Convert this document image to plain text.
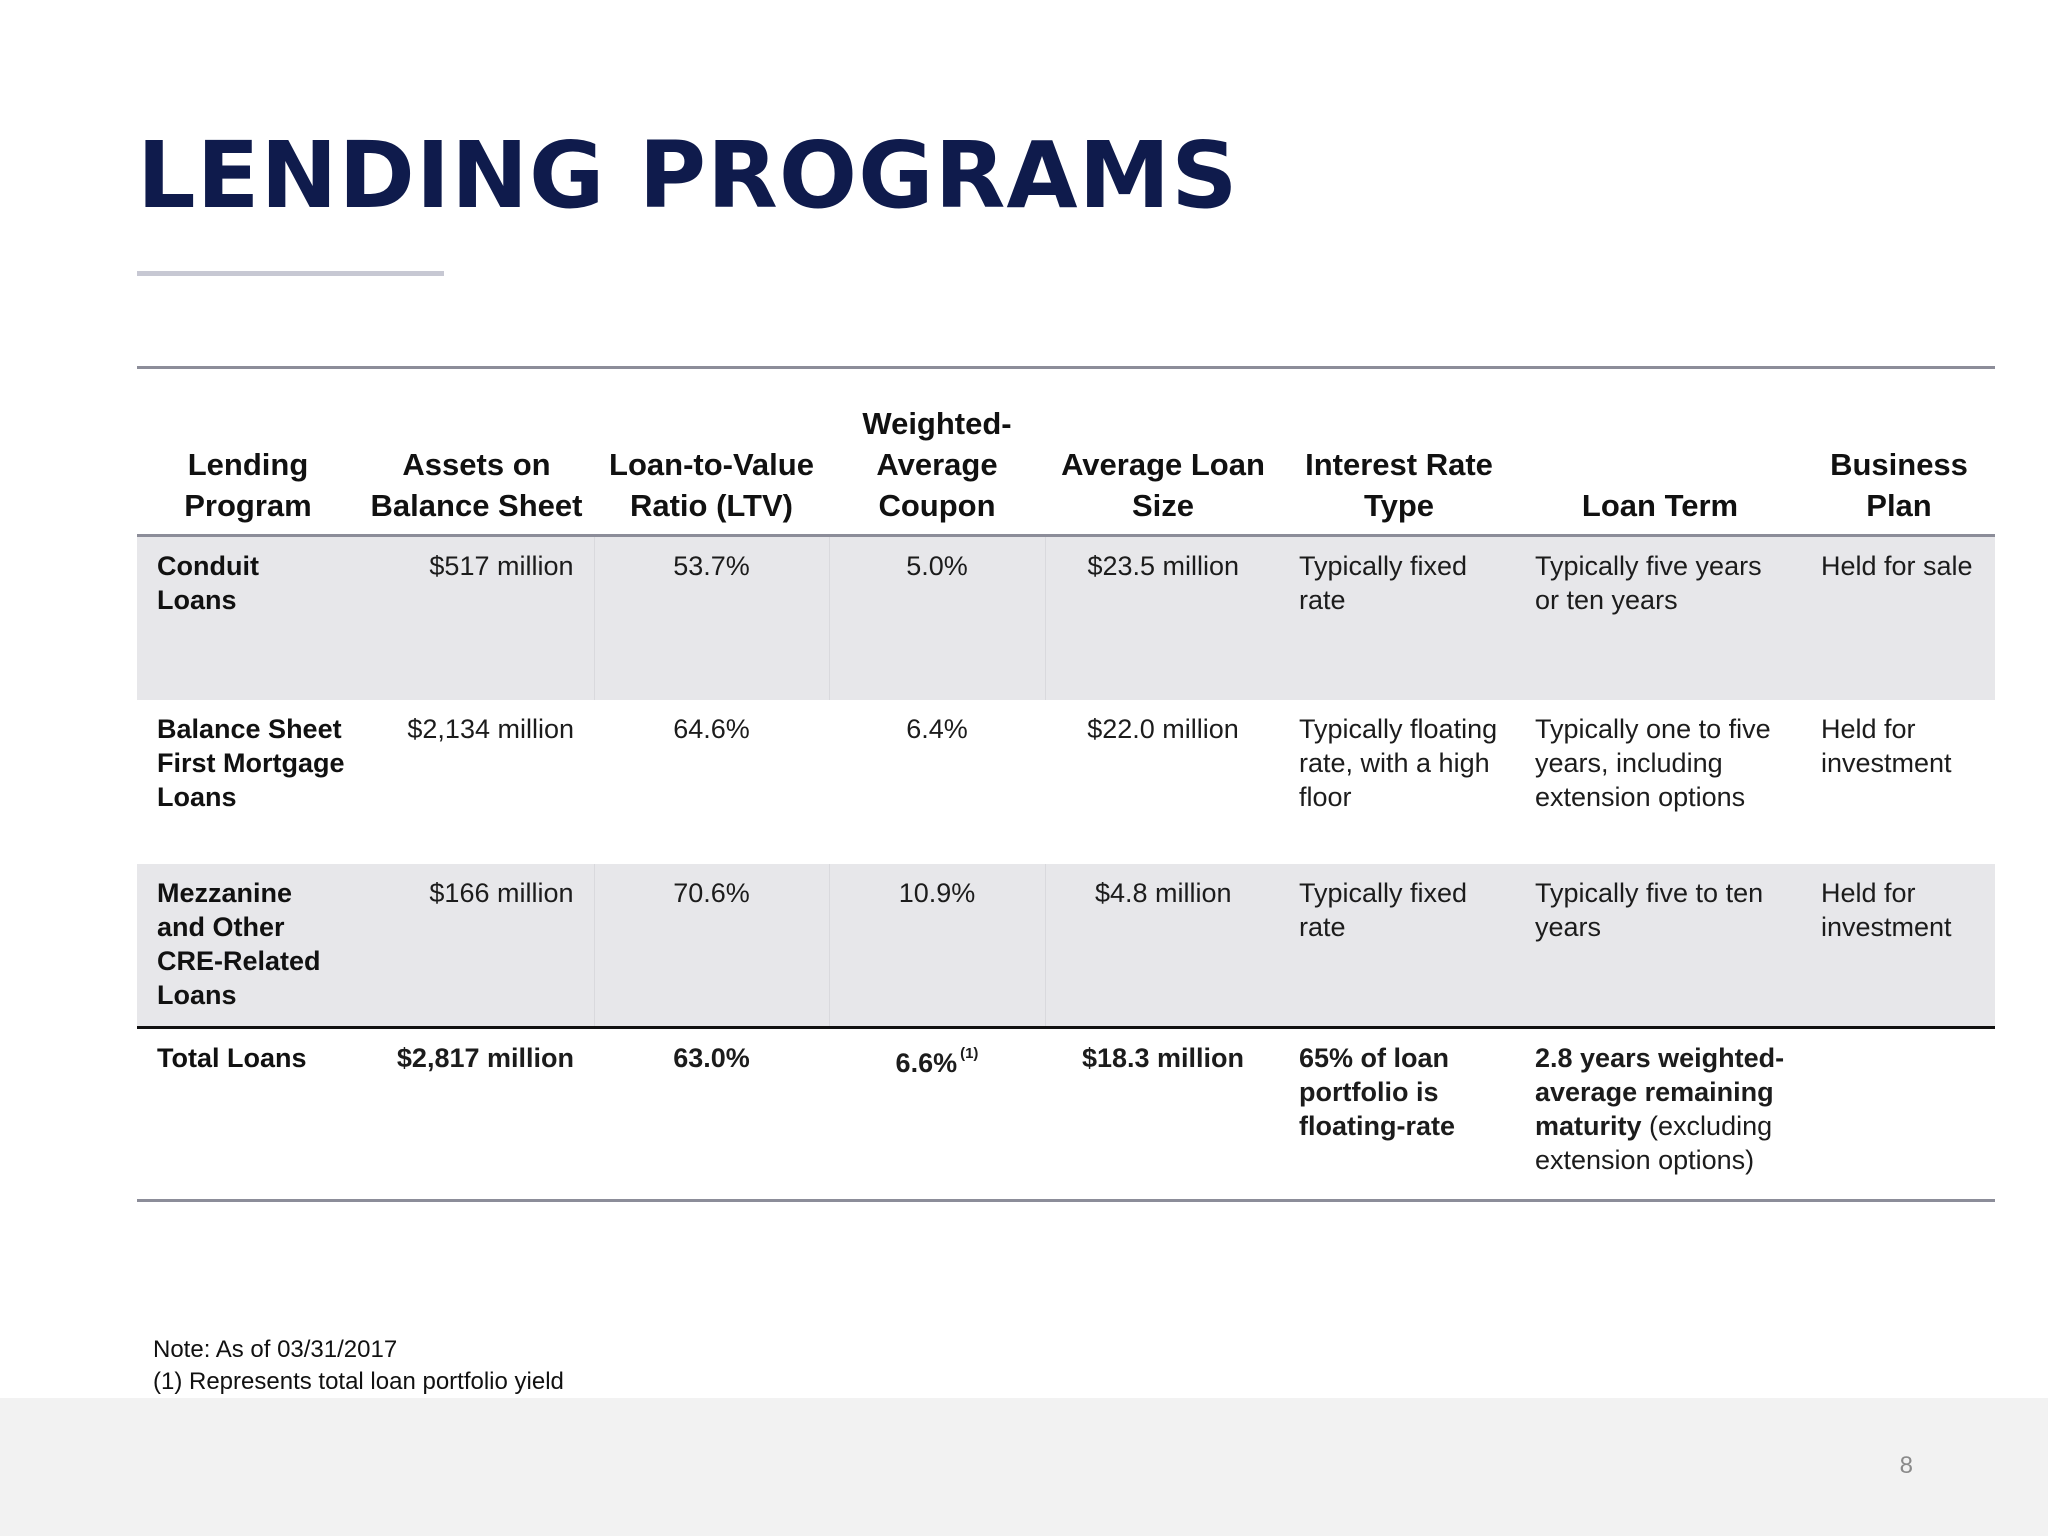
LENDING PROGRAMS
Lending Program	Assets on Balance Sheet	Loan-to-Value Ratio (LTV)	Weighted-Average Coupon	Average Loan Size	Interest Rate Type	Loan Term	Business Plan
Conduit Loans	$517 million	53.7%	5.0%	$23.5 million	Typically fixed rate	Typically five years or ten years	Held for sale
Balance Sheet First Mortgage Loans	$2,134 million	64.6%	6.4%	$22.0 million	Typically floating rate, with a high floor	Typically one to five years, including extension options	Held for investment
Mezzanine and Other CRE-Related Loans	$166 million	70.6%	10.9%	$4.8 million	Typically fixed rate	Typically five to ten years	Held for investment
Total Loans	$2,817 million	63.0%	6.6% $^{(1)}$	$18.3 million	65% of loan portfolio is floating-rate	2.8 years weighted-average remaining maturity (excluding extension options)	
Note: As of 03/31/2017
(1) Represents total loan portfolio yield
8
